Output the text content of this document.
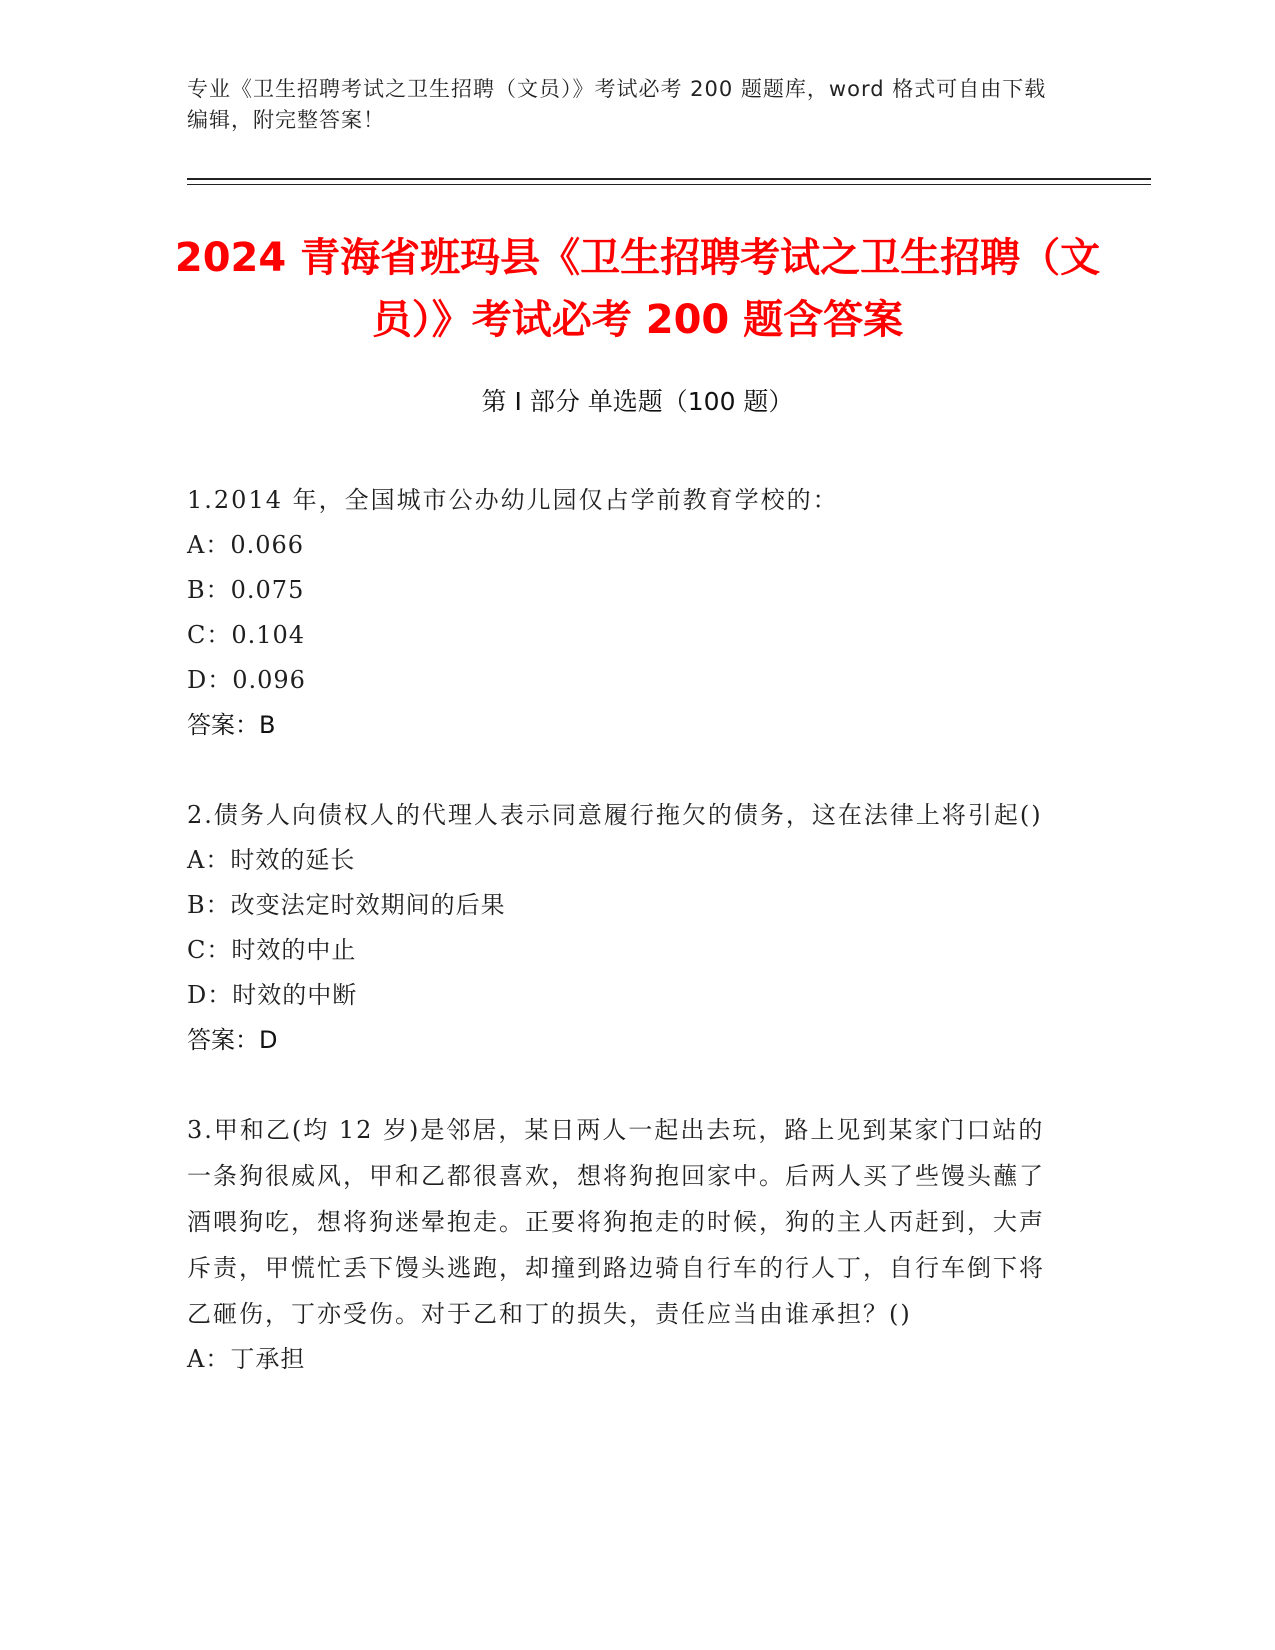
专业《卫生招聘考试之卫生招聘（文员）》考试必考 200 题题库，word 格式可自由下载编辑，附完整答案！
2024 青海省班玛县《卫生招聘考试之卫生招聘（文员）》考试必考 200 题含答案
第 I 部分 单选题（100 题）

1.2014 年，全国城市公办幼儿园仅占学前教育学校的：

A：0.066

B：0.075

C：0.104

D：0.096

答案：B

2.债务人向债权人的代理人表示同意履行拖欠的债务，这在法律上将引起()

A：时效的延长

B：改变法定时效期间的后果

C：时效的中止

D：时效的中断

答案：D

3.甲和乙(均 12 岁)是邻居，某日两人一起出去玩，路上见到某家门口站的一条狗很威风，甲和乙都很喜欢，想将狗抱回家中。后两人买了些馒头蘸了酒喂狗吃，想将狗迷晕抱走。正要将狗抱走的时候，狗的主人丙赶到，大声斥责，甲慌忙丢下馒头逃跑，却撞到路边骑自行车的行人丁，自行车倒下将乙砸伤，丁亦受伤。对于乙和丁的损失，责任应当由谁承担？()

A：丁承担
